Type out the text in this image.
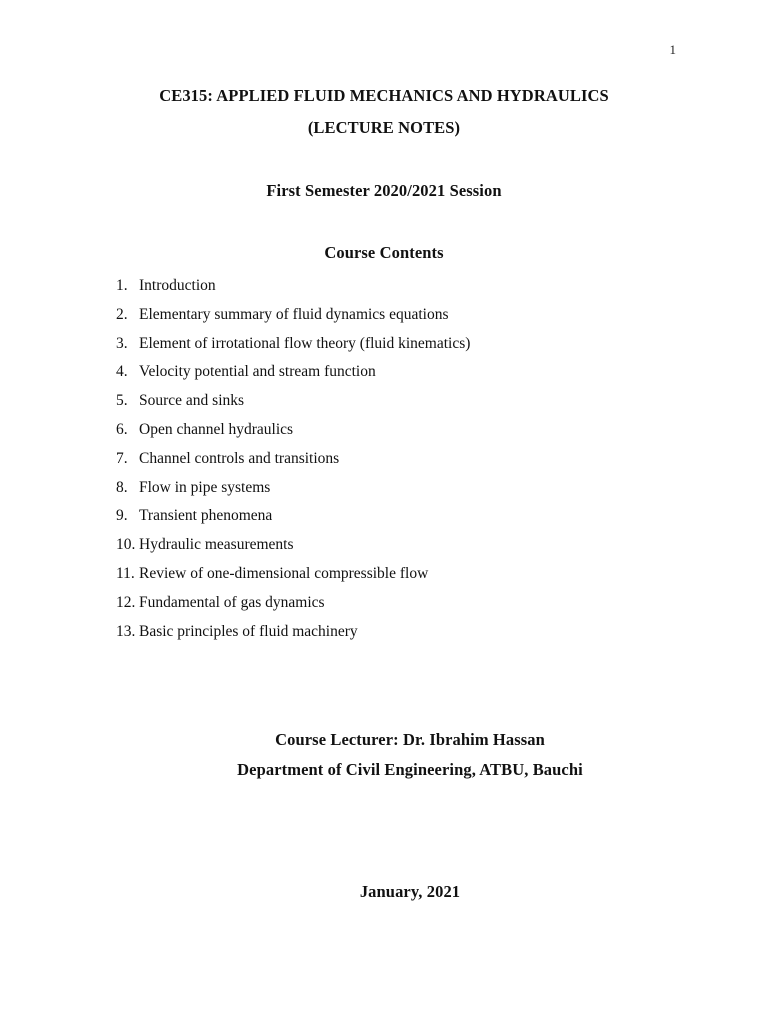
1
CE315: APPLIED FLUID MECHANICS AND HYDRAULICS
(LECTURE NOTES)
First Semester 2020/2021 Session
Course Contents
1. Introduction
2. Elementary summary of fluid dynamics equations
3. Element of irrotational flow theory (fluid kinematics)
4. Velocity potential and stream function
5. Source and sinks
6. Open channel hydraulics
7. Channel controls and transitions
8. Flow in pipe systems
9. Transient phenomena
10. Hydraulic measurements
11. Review of one-dimensional compressible flow
12. Fundamental of gas dynamics
13. Basic principles of fluid machinery
Course Lecturer: Dr. Ibrahim Hassan
Department of Civil Engineering, ATBU, Bauchi
January, 2021
